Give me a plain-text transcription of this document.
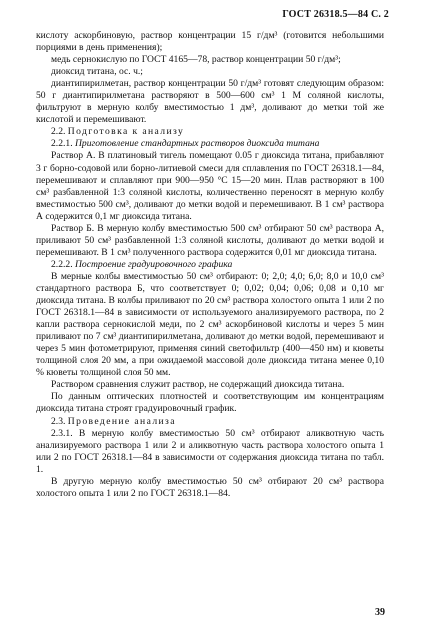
ГОСТ 26318.5—84 С. 2

кислоту аскорбиновую, раствор концентрации 15 г/дм³ (готовится небольшими порциями в день применения);

медь сернокислую по ГОСТ 4165—78, раствор концентрации 50 г/дм³;

диоксид титана, ос. ч.;

диантипирилметан, раствор концентрации 50 г/дм³ готовят следующим образом: 50 г диантипирилметана растворяют в 500—600 см³ 1 М соляной кислоты, фильтруют в мерную колбу вместимостью 1 дм³, доливают до метки той же кислотой и перемешивают.

2.2. Подготовка к анализу

2.2.1. Приготовление стандартных растворов диоксида титана

Раствор А. В платиновый тигель помещают 0.05 г диоксида титана, прибавляют 3 г борно-содовой или борно-литиевой смеси для сплавления по ГОСТ 26318.1—84, перемешивают и сплавляют при 900—950 °С 15—20 мин. Плав растворяют в 100 см³ разбавленной 1:3 соляной кислоты, количественно переносят в мерную колбу вместимостью 500 см³, доливают до метки водой и перемешивают. В 1 см³ раствора А содержится 0,1 мг диоксида титана.

Раствор Б. В мерную колбу вместимостью 500 см³ отбирают 50 см³ раствора А, приливают 50 см³ разбавленной 1:3 соляной кислоты, доливают до метки водой и перемешивают. В 1 см³ полученного раствора содержится 0,01 мг диоксида титана.

2.2.2. Построение градуировочного графика

В мерные колбы вместимостью 50 см³ отбирают: 0; 2,0; 4,0; 6,0; 8,0 и 10,0 см³ стандартного раствора Б, что соответствует 0; 0,02; 0,04; 0,06; 0,08 и 0,10 мг диоксида титана. В колбы приливают по 20 см³ раствора холостого опыта 1 или 2 по ГОСТ 26318.1—84 в зависимости от используемого анализируемого раствора, по 2 капли раствора сернокислой меди, по 2 см³ аскорбиновой кислоты и через 5 мин приливают по 7 см³ диантипирилметана, доливают до метки водой, перемешивают и через 5 мин фотометрируют, применяя синий светофильтр (400—450 нм) и кюветы толщиной слоя 20 мм, а при ожидаемой массовой доле диоксида титана менее 0,10 % кюветы толщиной слоя 50 мм.

Раствором сравнения служит раствор, не содержащий диоксида титана.

По данным оптических плотностей и соответствующим им концентрациям диоксида титана строят градуировочный график.

2.3. Проведение анализа

2.3.1. В мерную колбу вместимостью 50 см³ отбирают аликвотную часть анализируемого раствора 1 или 2 и аликвотную часть раствора холостого опыта 1 или 2 по ГОСТ 26318.1—84 в зависимости от содержания диоксида титана по табл. 1.

В другую мерную колбу вместимостью 50 см³ отбирают 20 см³ раствора холостого опыта 1 или 2 по ГОСТ 26318.1—84.

39
